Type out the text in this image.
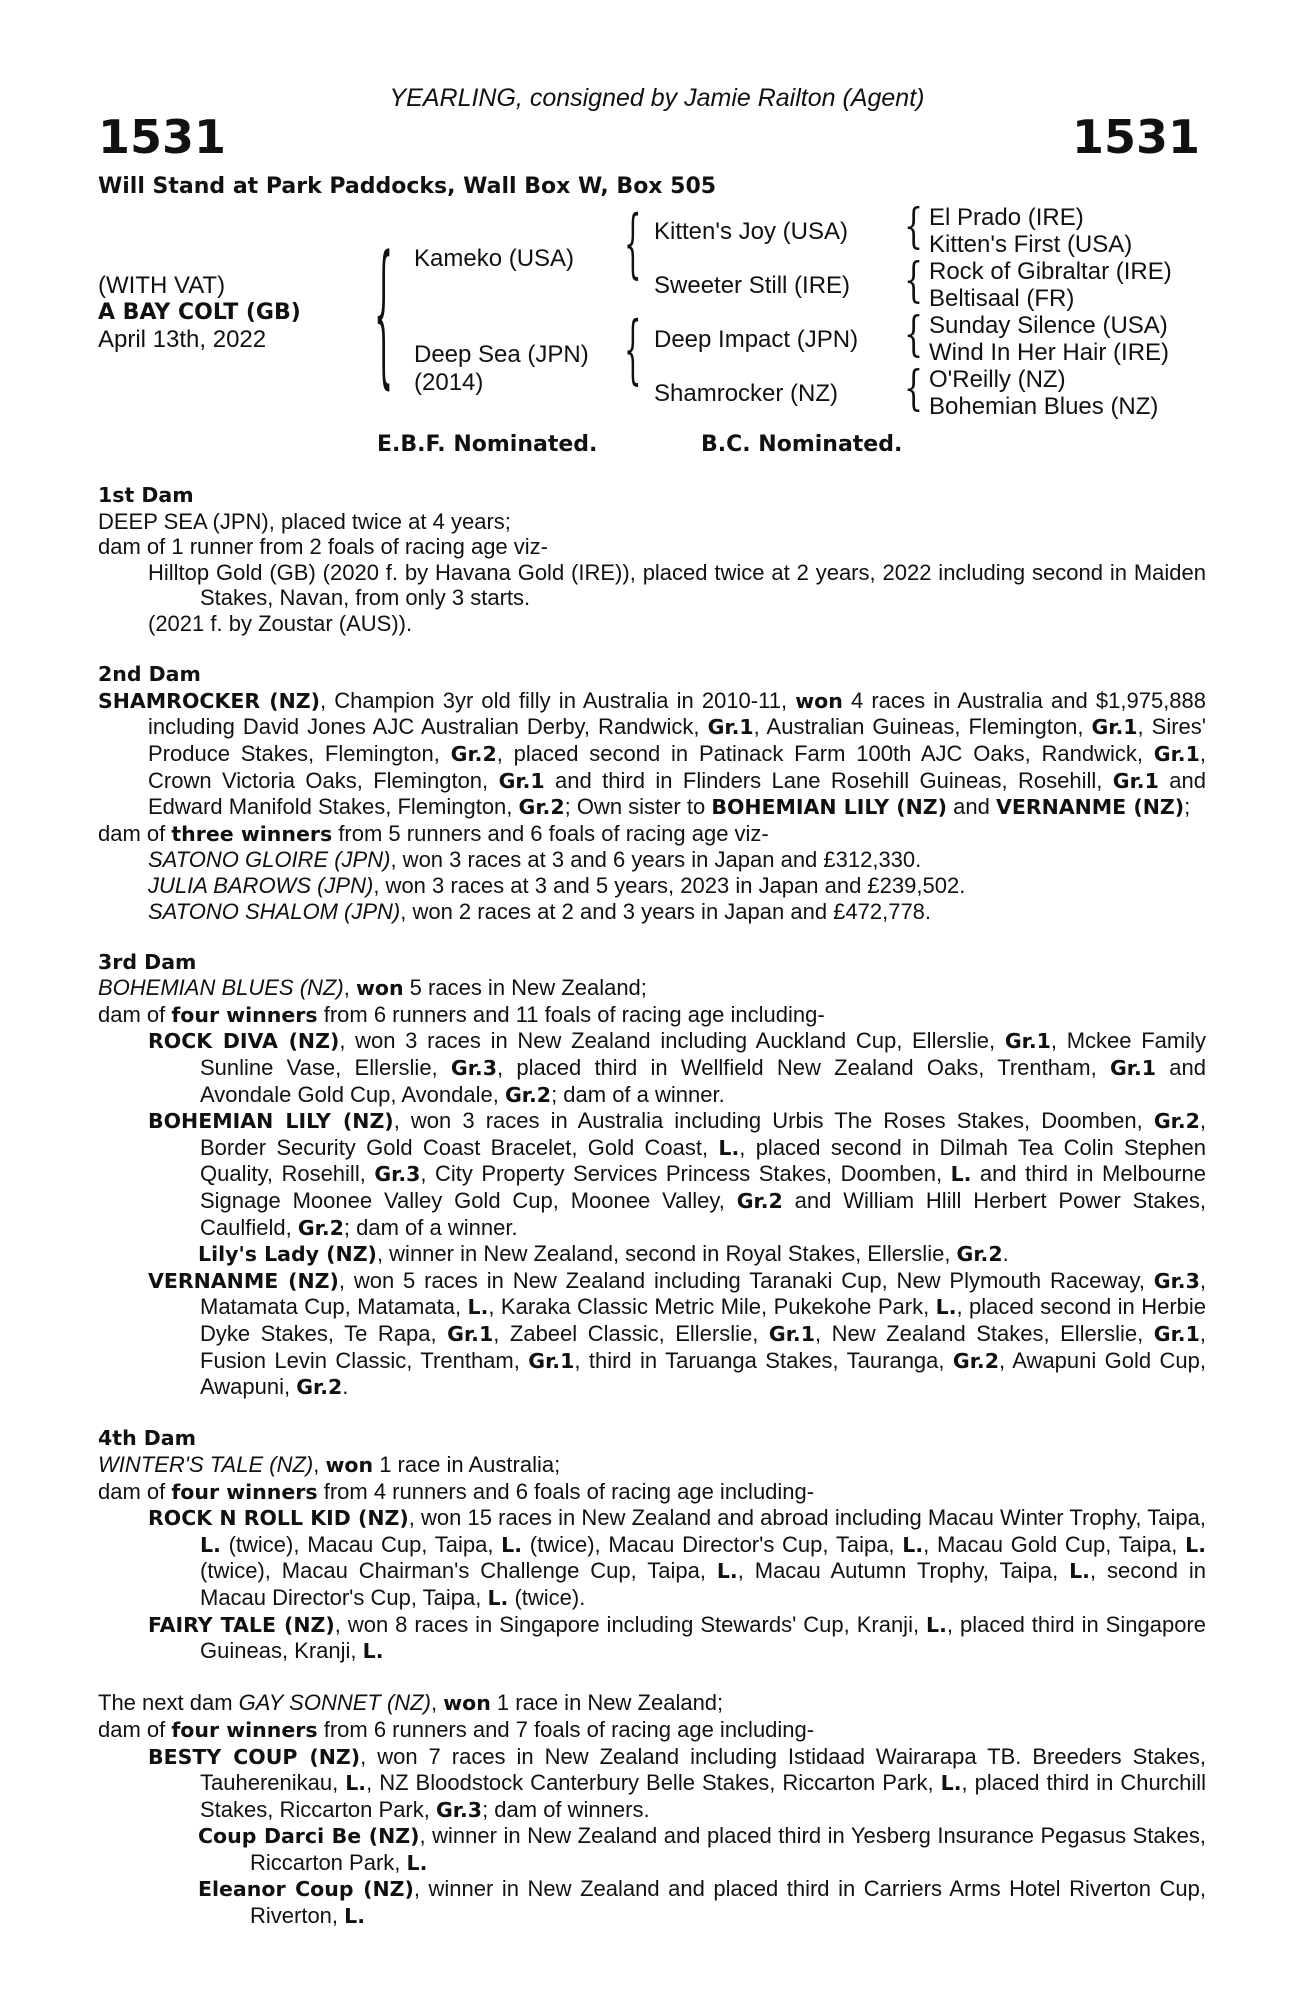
YEARLING, consigned by Jamie Railton (Agent)
1531	1531
Will Stand at Park Paddocks, Wall Box W, Box 505
(WITH VAT)
A BAY COLT (GB)
April 13th, 2022 { Kameko (USA)
Deep Sea (JPN)
(2014)
{
{
Kitten's Joy (USA)
Sweeter Still (IRE)
Deep Impact (JPN)
Shamrocker (NZ)
{
{
{
{
El Prado (IRE)
Kitten's First (USA)
Rock of Gibraltar (IRE)
Beltisaal (FR)
Sunday Silence (USA)
Wind In Her Hair (IRE)
O'Reilly (NZ)
Bohemian Blues (NZ)
E.B.F. Nominated.	B.C. Nominated.
1st Dam
DEEP SEA (JPN), placed twice at 4 years;
dam of 1 runner from 2 foals of racing age viz-
Hilltop Gold (GB) (2020 f. by Havana Gold (IRE)), placed twice at 2 years, 2022 including second in Maiden Stakes, Navan, from only 3 starts.
(2021 f. by Zoustar (AUS)).
2nd Dam
SHAMROCKER (NZ), Champion 3yr old filly in Australia in 2010-11, won 4 races in Australia and $1,975,888 including David Jones AJC Australian Derby, Randwick, Gr.1, Australian Guineas, Flemington, Gr.1, Sires' Produce Stakes, Flemington, Gr.2, placed second in Patinack Farm 100th AJC Oaks, Randwick, Gr.1, Crown Victoria Oaks, Flemington, Gr.1 and third in Flinders Lane Rosehill Guineas, Rosehill, Gr.1 and Edward Manifold Stakes, Flemington, Gr.2; Own sister to BOHEMIAN LILY (NZ) and VERNANME (NZ);
dam of three winners from 5 runners and 6 foals of racing age viz-
SATONO GLOIRE (JPN), won 3 races at 3 and 6 years in Japan and £312,330.
JULIA BAROWS (JPN), won 3 races at 3 and 5 years, 2023 in Japan and £239,502.
SATONO SHALOM (JPN), won 2 races at 2 and 3 years in Japan and £472,778.
3rd Dam
BOHEMIAN BLUES (NZ), won 5 races in New Zealand;
dam of four winners from 6 runners and 11 foals of racing age including-
ROCK DIVA (NZ), won 3 races in New Zealand including Auckland Cup, Ellerslie, Gr.1, Mckee Family Sunline Vase, Ellerslie, Gr.3, placed third in Wellfield New Zealand Oaks, Trentham, Gr.1 and Avondale Gold Cup, Avondale, Gr.2; dam of a winner.
BOHEMIAN LILY (NZ), won 3 races in Australia including Urbis The Roses Stakes, Doomben, Gr.2, Border Security Gold Coast Bracelet, Gold Coast, L., placed second in Dilmah Tea Colin Stephen Quality, Rosehill, Gr.3, City Property Services Princess Stakes, Doomben, L. and third in Melbourne Signage Moonee Valley Gold Cup, Moonee Valley, Gr.2 and William Hlill Herbert Power Stakes, Caulfield, Gr.2; dam of a winner.
Lily's Lady (NZ), winner in New Zealand, second in Royal Stakes, Ellerslie, Gr.2.
VERNANME (NZ), won 5 races in New Zealand including Taranaki Cup, New Plymouth Raceway, Gr.3, Matamata Cup, Matamata, L., Karaka Classic Metric Mile, Pukekohe Park, L., placed second in Herbie Dyke Stakes, Te Rapa, Gr.1, Zabeel Classic, Ellerslie, Gr.1, New Zealand Stakes, Ellerslie, Gr.1, Fusion Levin Classic, Trentham, Gr.1, third in Taruanga Stakes, Tauranga, Gr.2, Awapuni Gold Cup, Awapuni, Gr.2.
4th Dam
WINTER'S TALE (NZ), won 1 race in Australia;
dam of four winners from 4 runners and 6 foals of racing age including-
ROCK N ROLL KID (NZ), won 15 races in New Zealand and abroad including Macau Winter Trophy, Taipa, L. (twice), Macau Cup, Taipa, L. (twice), Macau Director's Cup, Taipa, L., Macau Gold Cup, Taipa, L. (twice), Macau Chairman's Challenge Cup, Taipa, L., Macau Autumn Trophy, Taipa, L., second in Macau Director's Cup, Taipa, L. (twice).
FAIRY TALE (NZ), won 8 races in Singapore including Stewards' Cup, Kranji, L., placed third in Singapore Guineas, Kranji, L.
The next dam GAY SONNET (NZ), won 1 race in New Zealand;
dam of four winners from 6 runners and 7 foals of racing age including-
BESTY COUP (NZ), won 7 races in New Zealand including Istidaad Wairarapa TB. Breeders Stakes, Tauherenikau, L., NZ Bloodstock Canterbury Belle Stakes, Riccarton Park, L., placed third in Churchill Stakes, Riccarton Park, Gr.3; dam of winners.
Coup Darci Be (NZ), winner in New Zealand and placed third in Yesberg Insurance Pegasus Stakes, Riccarton Park, L.
Eleanor Coup (NZ), winner in New Zealand and placed third in Carriers Arms Hotel Riverton Cup, Riverton, L.
